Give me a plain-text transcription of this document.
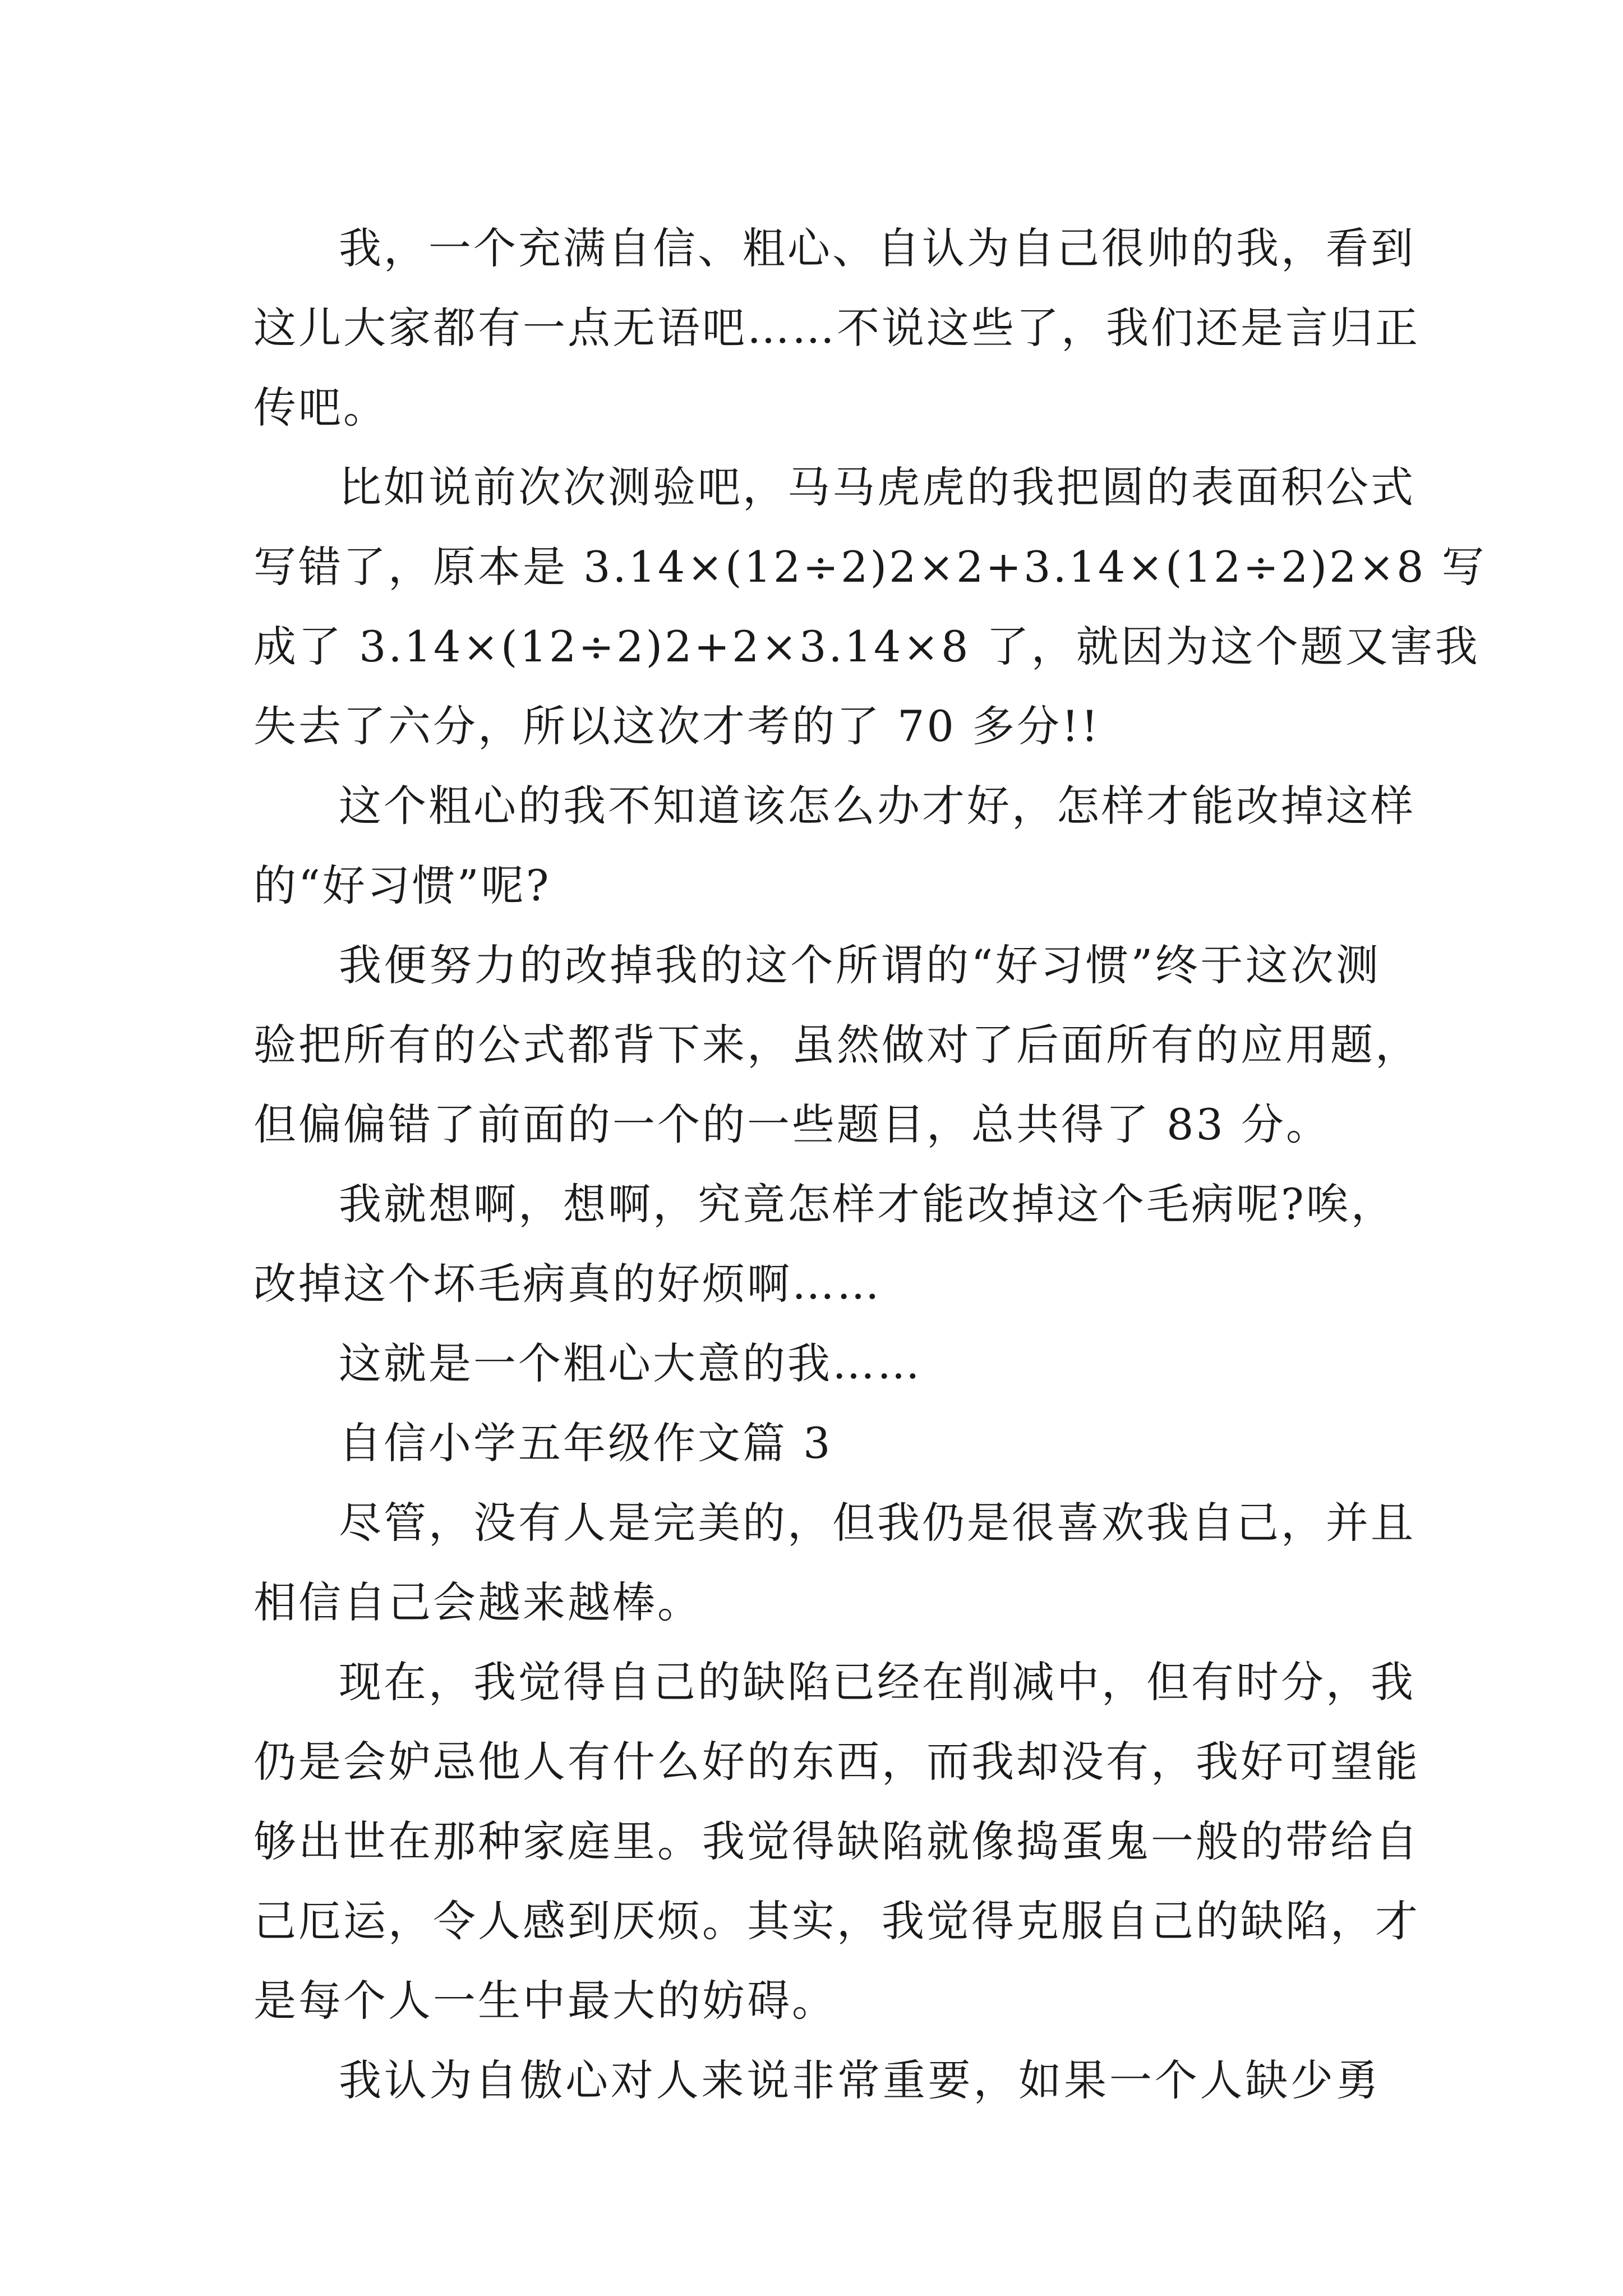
我，一个充满自信、粗心、自认为自己很帅的我，看到
这儿大家都有一点无语吧……不说这些了，我们还是言归正
传吧。
比如说前次次测验吧，马马虎虎的我把圆的表面积公式
写错了，原本是 3.14×(12÷2)2×2+3.14×(12÷2)2×8 写
成了 3.14×(12÷2)2+2×3.14×8 了，就因为这个题又害我
失去了六分，所以这次才考的了 70 多分!!
这个粗心的我不知道该怎么办才好，怎样才能改掉这样
的“好习惯”呢?
我便努力的改掉我的这个所谓的“好习惯”终于这次测
验把所有的公式都背下来，虽然做对了后面所有的应用题，
但偏偏错了前面的一个的一些题目，总共得了 83 分。
我就想啊，想啊，究竟怎样才能改掉这个毛病呢?唉，
改掉这个坏毛病真的好烦啊……
这就是一个粗心大意的我……
自信小学五年级作文篇 3
尽管，没有人是完美的，但我仍是很喜欢我自己，并且
相信自己会越来越棒。
现在，我觉得自己的缺陷已经在削减中，但有时分，我
仍是会妒忌他人有什么好的东西，而我却没有，我好可望能
够出世在那种家庭里。我觉得缺陷就像捣蛋鬼一般的带给自
己厄运，令人感到厌烦。其实，我觉得克服自己的缺陷，才
是每个人一生中最大的妨碍。
我认为自傲心对人来说非常重要，如果一个人缺少勇
